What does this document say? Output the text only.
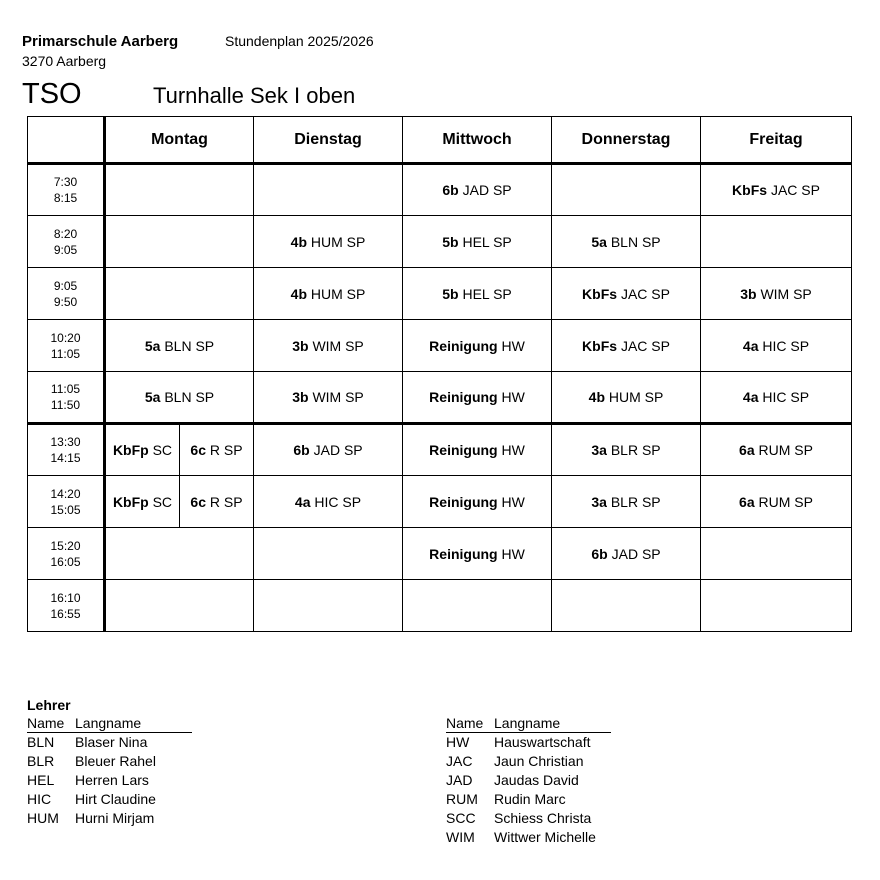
Primarschule Aarberg	Stundenplan 2025/2026
3270 Aarberg
TSO	Turnhalle Sek I oben
	Montag		Dienstag	Mittwoch	Donnerstag	Freitag

7:30
8:15				6b JAD SP		KbFs JAC SP

8:20
9:05			4b HUM SP	5b HEL SP	5a BLN SP	

9:05
9:50			4b HUM SP	5b HEL SP	KbFs JAC SP	3b WIM SP

10:20
11:05	5a BLN SP		3b WIM SP	Reinigung HW	KbFs JAC SP	4a HIC SP

11:05
11:50	5a BLN SP		3b WIM SP	Reinigung HW	4b HUM SP	4a HIC SP

13:30
14:15	KbFp SC	6c R SP	6b JAD SP	Reinigung HW	3a BLR SP	6a RUM SP

14:20
15:05	KbFp SC	6c R SP	4a HIC SP	Reinigung HW	3a BLR SP	6a RUM SP

15:20
16:05				Reinigung HW	6b JAD SP	

16:10
16:55						

Lehrer
Name Langname
BLN	Blaser Nina
BLR	Bleuer Rahel
HEL	Herren Lars
HIC	Hirt Claudine
HUM	Hurni Mirjam
Name Langname
HW	Hauswartschaft
JAC	Jaun Christian
JAD	Jaudas David
RUM	Rudin Marc
SCC	Schiess Christa
WIM	Wittwer Michelle
